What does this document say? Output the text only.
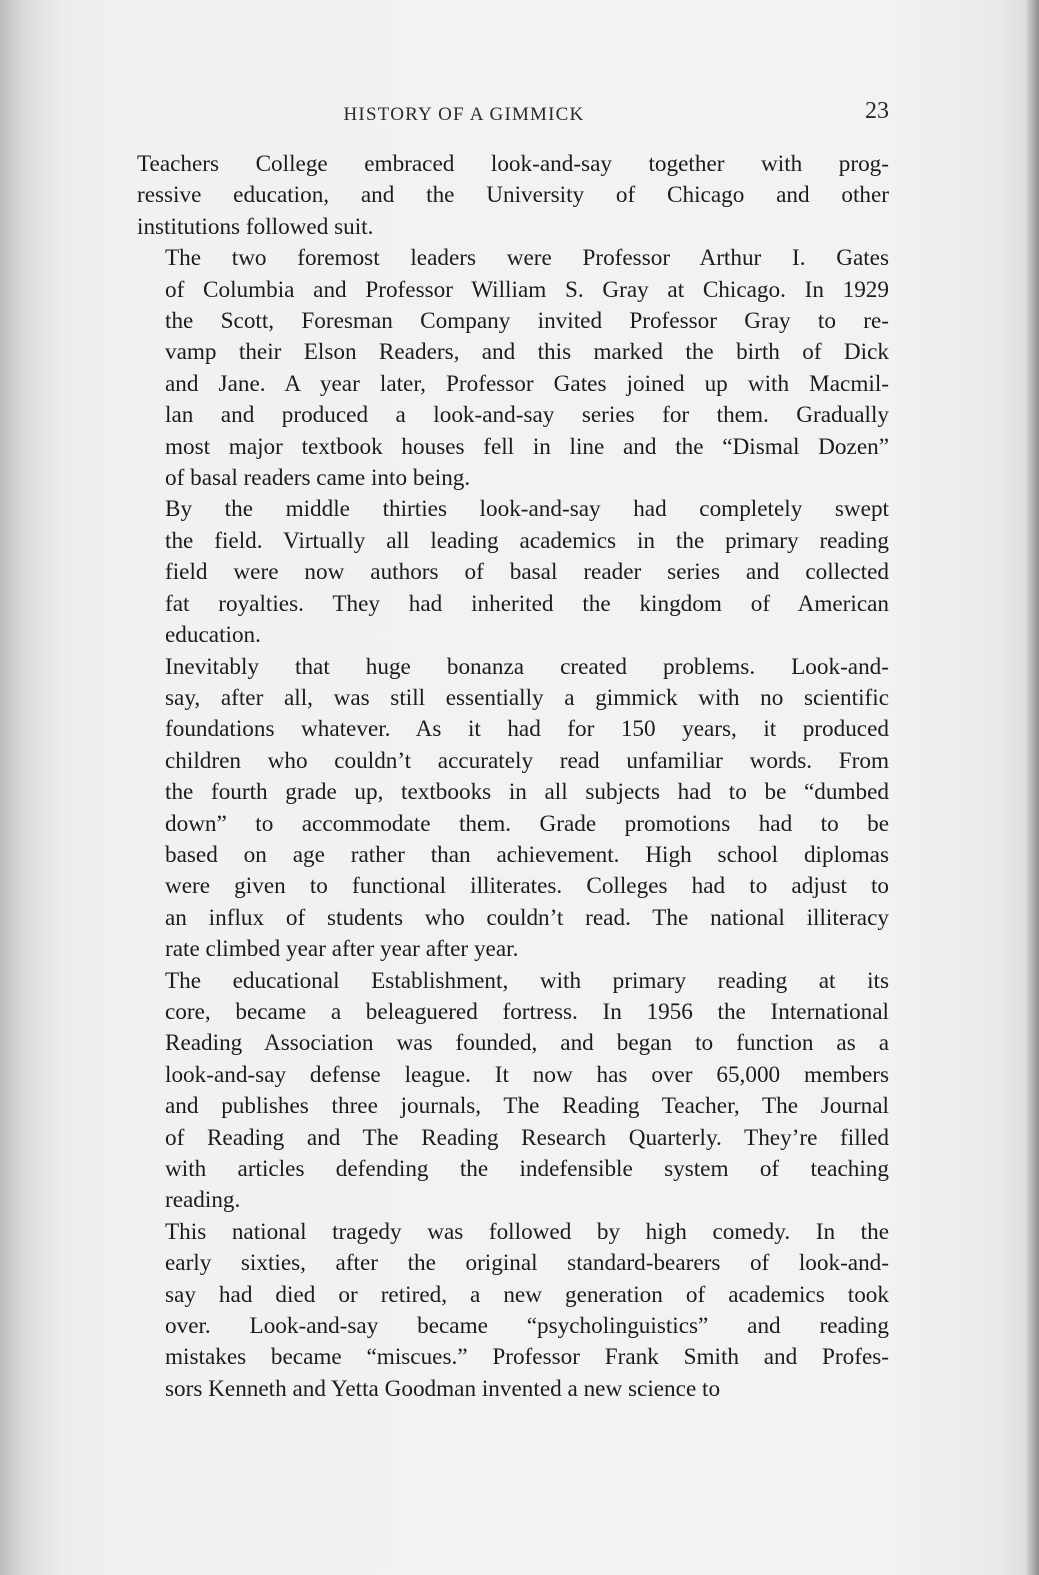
HISTORY OF A GIMMICK	23

Teachers College embraced look-and-say together with prog-
ressive education, and the University of Chicago and other
institutions followed suit.

The two foremost leaders were Professor Arthur I. Gates
of Columbia and Professor William S. Gray at Chicago. In 1929
the Scott, Foresman Company invited Professor Gray to re-
vamp their Elson Readers, and this marked the birth of Dick
and Jane. A year later, Professor Gates joined up with Macmil-
lan and produced a look-and-say series for them. Gradually
most major textbook houses fell in line and the “Dismal Dozen”
of basal readers came into being.

By the middle thirties look-and-say had completely swept
the field. Virtually all leading academics in the primary reading
field were now authors of basal reader series and collected
fat royalties. They had inherited the kingdom of American
education.

Inevitably that huge bonanza created problems. Look-and-
say, after all, was still essentially a gimmick with no scientific
foundations whatever. As it had for 150 years, it produced
children who couldn’t accurately read unfamiliar words. From
the fourth grade up, textbooks in all subjects had to be “dumbed
down” to accommodate them. Grade promotions had to be
based on age rather than achievement. High school diplomas
were given to functional illiterates. Colleges had to adjust to
an influx of students who couldn’t read. The national illiteracy
rate climbed year after year after year.

The educational Establishment, with primary reading at its
core, became a beleaguered fortress. In 1956 the International
Reading Association was founded, and began to function as a
look-and-say defense league. It now has over 65,000 members
and publishes three journals, The Reading Teacher, The Journal
of Reading and The Reading Research Quarterly. They’re filled
with articles defending the indefensible system of teaching
reading.

This national tragedy was followed by high comedy. In the
early sixties, after the original standard-bearers of look-and-
say had died or retired, a new generation of academics took
over. Look-and-say became “psycholinguistics” and reading
mistakes became “miscues.” Professor Frank Smith and Profes-
sors Kenneth and Yetta Goodman invented a new science to
